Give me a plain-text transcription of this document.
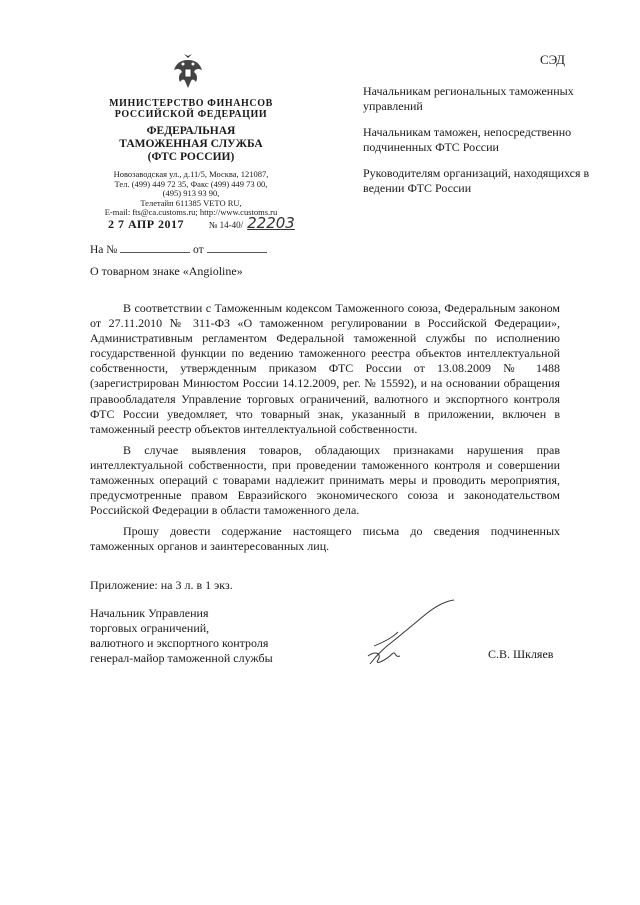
СЭД
МИНИСТЕРСТВО ФИНАНСОВ
РОССИЙСКОЙ ФЕДЕРАЦИИ
ФЕДЕРАЛЬНАЯ
ТАМОЖЕННАЯ СЛУЖБА
(ФТС РОССИИ)
Новозаводская ул., д.11/5, Москва, 121087,
Тел. (499) 449 72 35, Факс (499) 449 73 00,
(495) 913 93 90,
Телетайп 611385 VETO RU,
E-mail: fts@ca.customs.ru; http://www.customs.ru
2 7 АПР 2017	№ 14-40/ 22203
На №	от

Начальникам региональных таможенных управлений

Начальникам таможен, непосредственно подчиненных ФТС России

Руководителям организаций, находящихся в ведении ФТС России

О товарном знаке «Angioline»

В соответствии с Таможенным кодексом Таможенного союза, Федеральным законом от 27.11.2010 № 311-ФЗ «О таможенном регулировании в Российской Федерации», Административным регламентом Федеральной таможенной службы по исполнению государственной функции по ведению таможенного реестра объектов интеллектуальной собственности, утвержденным приказом ФТС России от 13.08.2009 № 1488 (зарегистрирован Минюстом России 14.12.2009, рег. № 15592), и на основании обращения правообладателя Управление торговых ограничений, валютного и экспортного контроля ФТС России уведомляет, что товарный знак, указанный в приложении, включен в таможенный реестр объектов интеллектуальной собственности.

В случае выявления товаров, обладающих признаками нарушения прав интеллектуальной собственности, при проведении таможенного контроля и совершении таможенных операций с товарами надлежит принимать меры и проводить мероприятия, предусмотренные правом Евразийского экономического союза и законодательством Российской Федерации в области таможенного дела.

Прошу довести содержание настоящего письма до сведения подчиненных таможенных органов и заинтересованных лиц.

Приложение: на 3 л. в 1 экз.
Начальник Управления
торговых ограничений,
валютного и экспортного контроля
генерал-майор таможенной службы	С.В. Шкляев
